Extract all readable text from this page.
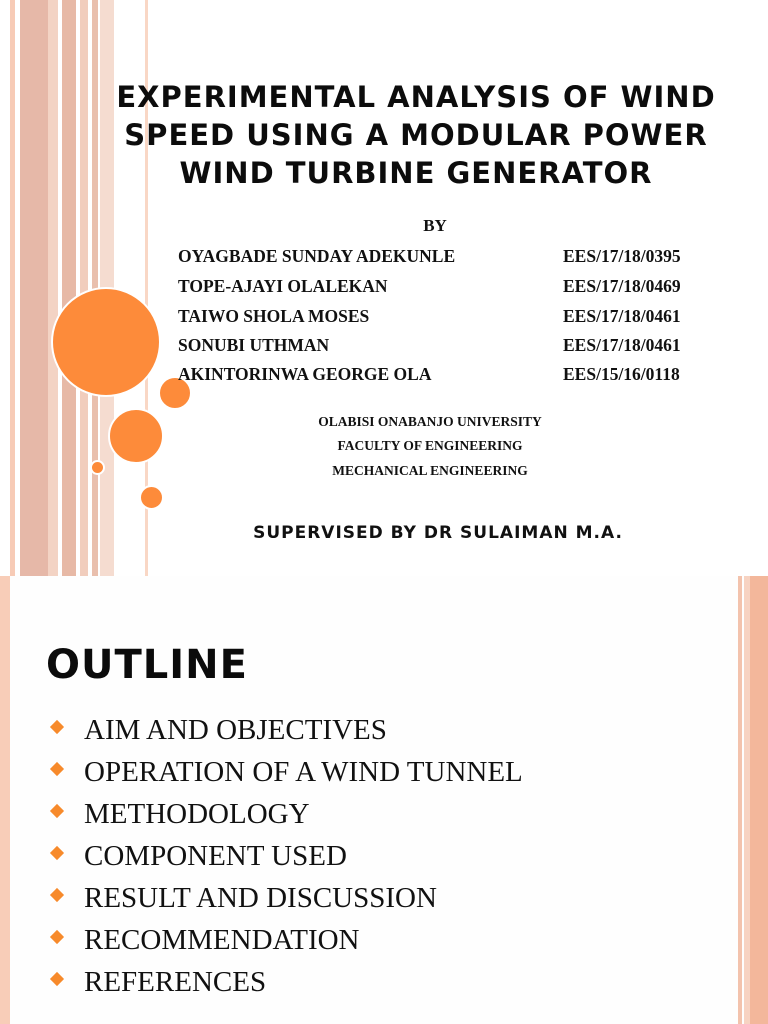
EXPERIMENTAL ANALYSIS OF WIND
SPEED USING A MODULAR POWER
WIND TURBINE GENERATOR
BY
OYAGBADE SUNDAY ADEKUNLE	EES/17/18/0395
TOPE-AJAYI OLALEKAN	EES/17/18/0469
TAIWO SHOLA MOSES	EES/17/18/0461
SONUBI UTHMAN	EES/17/18/0461
AKINTORINWA GEORGE OLA	EES/15/16/0118
OLABISI ONABANJO UNIVERSITY
FACULTY OF ENGINEERING
MECHANICAL ENGINEERING
SUPERVISED BY DR SULAIMAN M.A.
OUTLINE
AIM AND OBJECTIVES
OPERATION OF A WIND TUNNEL
METHODOLOGY
COMPONENT USED
RESULT AND DISCUSSION
RECOMMENDATION
REFERENCES
